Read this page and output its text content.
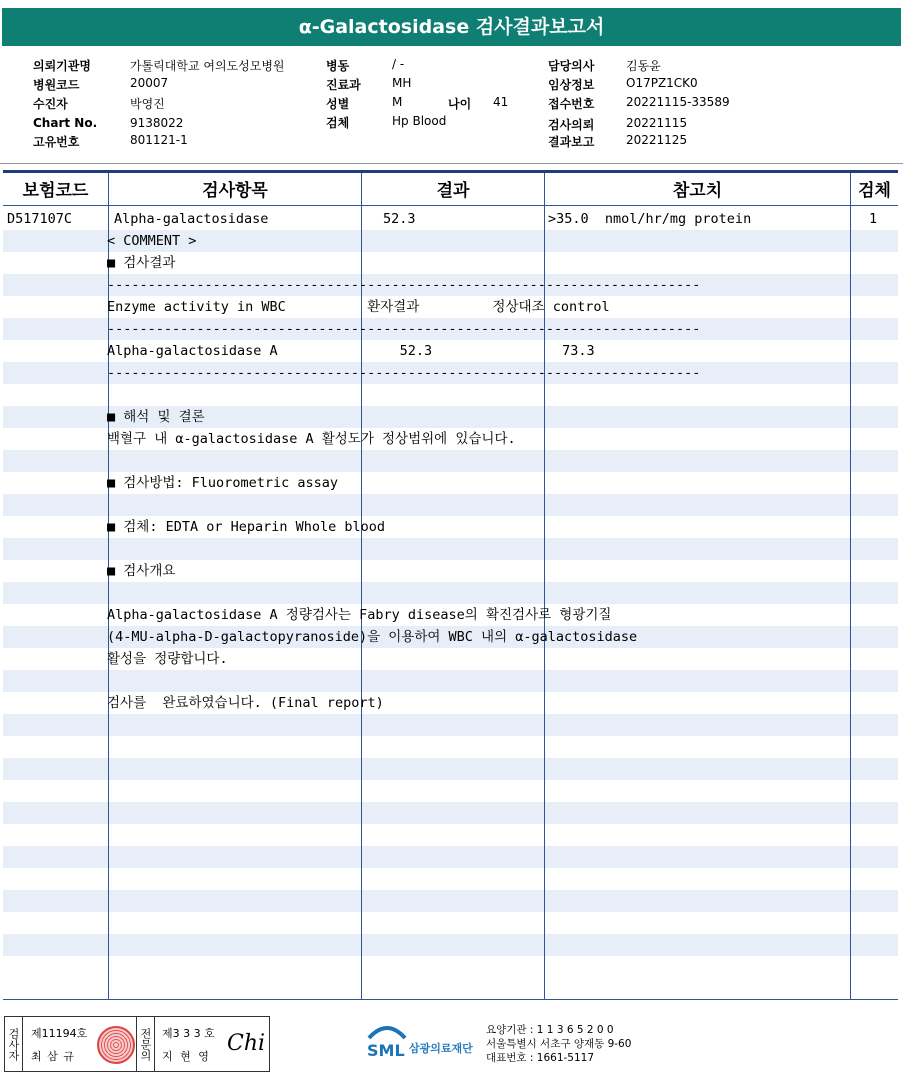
α-Galactosidase 검사결과보고서
의뢰기관명	가톨릭대학교 여의도성모병원
병원코드	20007
수진자	박영진
Chart No.	9138022
고유번호	801121-1
병동	/ -
진료과	MH
성별	M
검체	Hp Blood
나이 41
담당의사	김동윤
임상정보	O17PZ1CK0
접수번호	20221115-33589
검사의뢰	20221115
결과보고	20221125
보험코드	검사항목	결과	참고치	검체
D517107C	Alpha-galactosidase	52.3	>35.0  nmol/hr/mg protein	1
< COMMENT >
■ 검사결과
-------------------------------------------------------------------------
Enzyme activity in WBC          환자결과         정상대조 control
-------------------------------------------------------------------------
Alpha-galactosidase A               52.3                73.3
-------------------------------------------------------------------------
■ 해석 및 결론
백혈구 내 α-galactosidase A 활성도가 정상범위에 있습니다.
■ 검사방법: Fluorometric assay
■ 검체: EDTA or Heparin Whole blood
■ 검사개요
Alpha-galactosidase A 정량검사는 Fabry disease의 확진검사로 형광기질
(4-MU-alpha-D-galactopyranoside)을 이용하여 WBC 내의 α-galactosidase
활성을 정량합니다.
검사를  완료하였습니다. (Final report)
검사자 제11194호
최 삼 규	전문의 제3 3 3 호
지 현 영
Chi	SML 삼광의료재단
요양기관 : 1 1 3 6 5 2 0 0
서울특별시 서초구 양재동 9-60
대표번호 : 1661-5117
